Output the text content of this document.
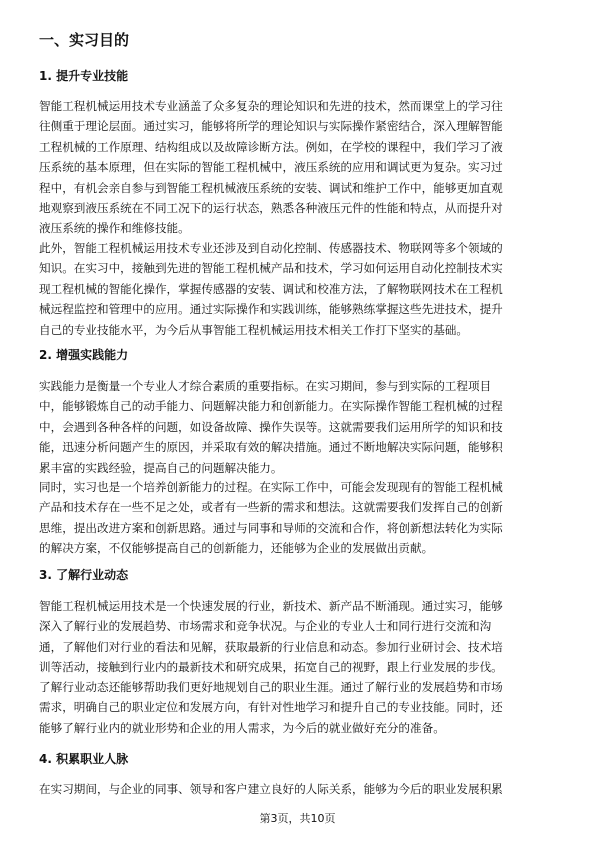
一、实习目的
1. 提升专业技能
智能工程机械运用技术专业涵盖了众多复杂的理论知识和先进的技术，然而课堂上的学习往
往侧重于理论层面。通过实习，能够将所学的理论知识与实际操作紧密结合，深入理解智能
工程机械的工作原理、结构组成以及故障诊断方法。例如，在学校的课程中，我们学习了液
压系统的基本原理，但在实际的智能工程机械中，液压系统的应用和调试更为复杂。实习过
程中，有机会亲自参与到智能工程机械液压系统的安装、调试和维护工作中，能够更加直观
地观察到液压系统在不同工况下的运行状态，熟悉各种液压元件的性能和特点，从而提升对
液压系统的操作和维修技能。
此外，智能工程机械运用技术专业还涉及到自动化控制、传感器技术、物联网等多个领域的
知识。在实习中，接触到先进的智能工程机械产品和技术，学习如何运用自动化控制技术实
现工程机械的智能化操作，掌握传感器的安装、调试和校准方法，了解物联网技术在工程机
械远程监控和管理中的应用。通过实际操作和实践训练，能够熟练掌握这些先进技术，提升
自己的专业技能水平，为今后从事智能工程机械运用技术相关工作打下坚实的基础。
2. 增强实践能力
实践能力是衡量一个专业人才综合素质的重要指标。在实习期间，参与到实际的工程项目
中，能够锻炼自己的动手能力、问题解决能力和创新能力。在实际操作智能工程机械的过程
中，会遇到各种各样的问题，如设备故障、操作失误等。这就需要我们运用所学的知识和技
能，迅速分析问题产生的原因，并采取有效的解决措施。通过不断地解决实际问题，能够积
累丰富的实践经验，提高自己的问题解决能力。
同时，实习也是一个培养创新能力的过程。在实际工作中，可能会发现现有的智能工程机械
产品和技术存在一些不足之处，或者有一些新的需求和想法。这就需要我们发挥自己的创新
思维，提出改进方案和创新思路。通过与同事和导师的交流和合作，将创新想法转化为实际
的解决方案，不仅能够提高自己的创新能力，还能够为企业的发展做出贡献。
3. 了解行业动态
智能工程机械运用技术是一个快速发展的行业，新技术、新产品不断涌现。通过实习，能够
深入了解行业的发展趋势、市场需求和竞争状况。与企业的专业人士和同行进行交流和沟
通，了解他们对行业的看法和见解，获取最新的行业信息和动态。参加行业研讨会、技术培
训等活动，接触到行业内的最新技术和研究成果，拓宽自己的视野，跟上行业发展的步伐。
了解行业动态还能够帮助我们更好地规划自己的职业生涯。通过了解行业的发展趋势和市场
需求，明确自己的职业定位和发展方向，有针对性地学习和提升自己的专业技能。同时，还
能够了解行业内的就业形势和企业的用人需求，为今后的就业做好充分的准备。
4. 积累职业人脉
在实习期间，与企业的同事、领导和客户建立良好的人际关系，能够为今后的职业发展积累
第3页，共10页
